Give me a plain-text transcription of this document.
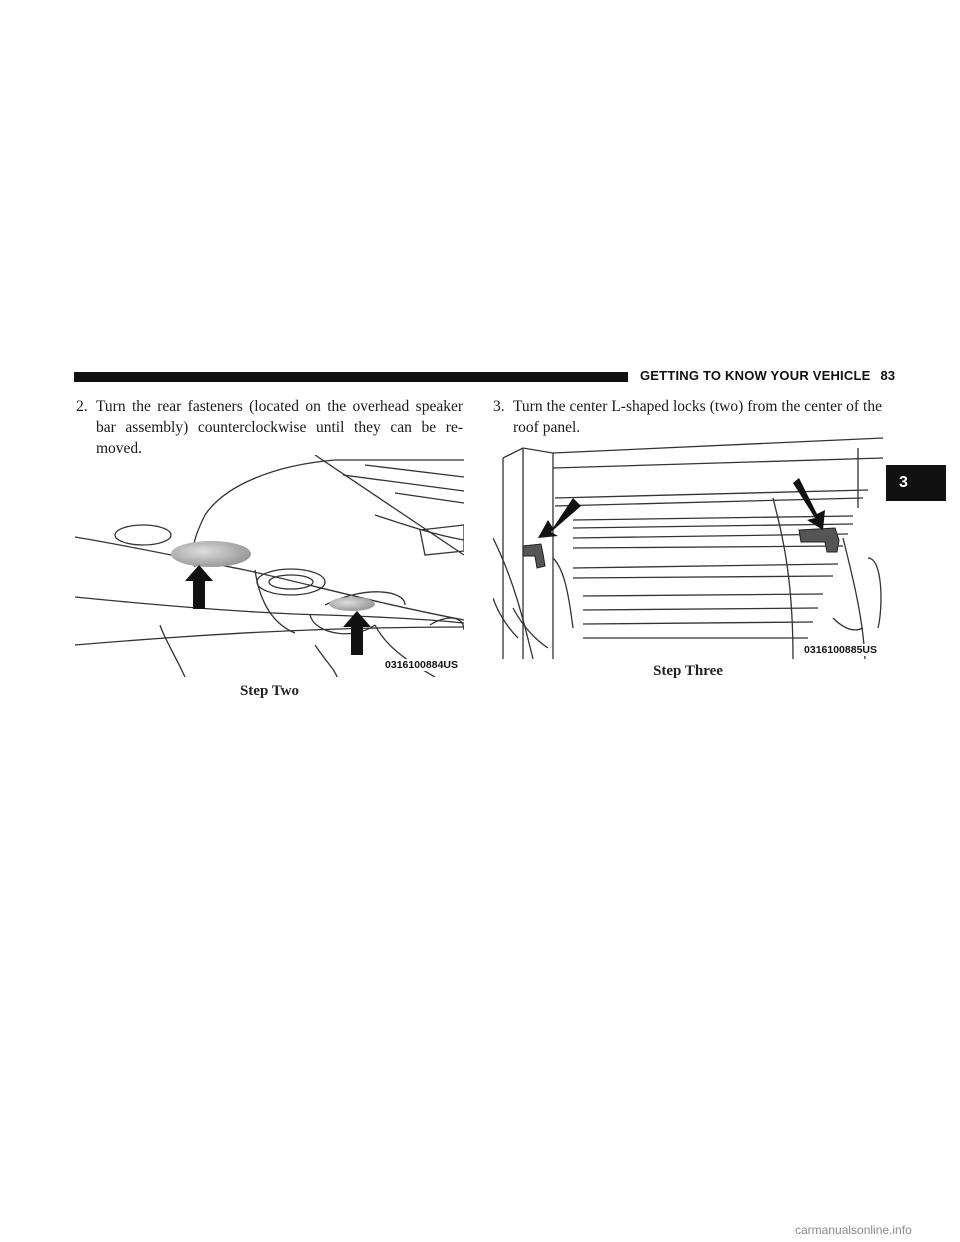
GETTING TO KNOW YOUR VEHICLE 83
3
2. Turn the rear fasteners (located on the overhead speaker bar assembly) counterclockwise until they can be re-moved.
3. Turn the center L-shaped locks (two) from the center of the roof panel.
0316100884US
Step Two
0316100885US
Step Three
carmanualsonline.info
